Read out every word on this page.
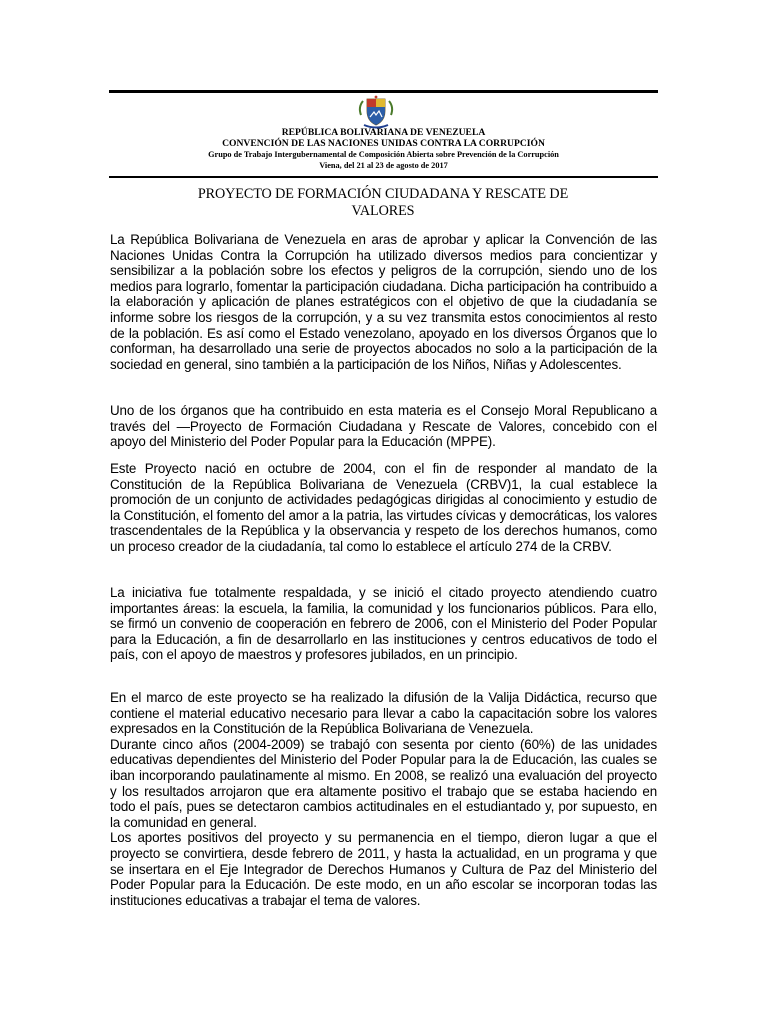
REPÚBLICA BOLIVARIANA DE VENEZUELA
CONVENCIÓN DE LAS NACIONES UNIDAS CONTRA LA CORRUPCIÓN
Grupo de Trabajo Intergubernamental de Composición Abierta sobre Prevención de la Corrupción
Viena, del 21 al 23 de agosto de 2017
PROYECTO DE FORMACIÓN CIUDADANA Y RESCATE DE
VALORES

La República Bolivariana de Venezuela en aras de aprobar y aplicar la Convención de las Naciones Unidas Contra la Corrupción ha utilizado diversos medios para concientizar y sensibilizar a la población sobre los efectos y peligros de la corrupción, siendo uno de los medios para lograrlo, fomentar la participación ciudadana. Dicha participación ha contribuido a la elaboración y aplicación de planes estratégicos con el objetivo de que la ciudadanía se informe sobre los riesgos de la corrupción, y a su vez transmita estos conocimientos al resto de la población. Es así como el Estado venezolano, apoyado en los diversos Órganos que lo conforman, ha desarrollado una serie de proyectos abocados no solo a la participación de la sociedad en general, sino también a la participación de los Niños, Niñas y Adolescentes.

Uno de los órganos que ha contribuido en esta materia es el Consejo Moral Republicano a través del ―Proyecto de Formación Ciudadana y Rescate de Valores, concebido con el apoyo del Ministerio del Poder Popular para la Educación (MPPE).

Este Proyecto nació en octubre de 2004, con el fin de responder al mandato de la Constitución de la República Bolivariana de Venezuela (CRBV)1, la cual establece la promoción de un conjunto de actividades pedagógicas dirigidas al conocimiento y estudio de la Constitución, el fomento del amor a la patria, las virtudes cívicas y democráticas, los valores trascendentales de la República y la observancia y respeto de los derechos humanos, como un proceso creador de la ciudadanía, tal como lo establece el artículo 274 de la CRBV.

La iniciativa fue totalmente respaldada, y se inició el citado proyecto atendiendo cuatro importantes áreas: la escuela, la familia, la comunidad y los funcionarios públicos. Para ello, se firmó un convenio de cooperación en febrero de 2006, con el Ministerio del Poder Popular para la Educación, a fin de desarrollarlo en las instituciones y centros educativos de todo el país, con el apoyo de maestros y profesores jubilados, en un principio.

En el marco de este proyecto se ha realizado la difusión de la Valija Didáctica, recurso que contiene el material educativo necesario para llevar a cabo la capacitación sobre los valores expresados en la Constitución de la República Bolivariana de Venezuela.

Durante cinco años (2004-2009) se trabajó con sesenta por ciento (60%) de las unidades educativas dependientes del Ministerio del Poder Popular para la de Educación, las cuales se iban incorporando paulatinamente al mismo. En 2008, se realizó una evaluación del proyecto y los resultados arrojaron que era altamente positivo el trabajo que se estaba haciendo en todo el país, pues se detectaron cambios actitudinales en el estudiantado y, por supuesto, en la comunidad en general.

Los aportes positivos del proyecto y su permanencia en el tiempo, dieron lugar a que el proyecto se convirtiera, desde febrero de 2011, y hasta la actualidad, en un programa y que se insertara en el Eje Integrador de Derechos Humanos y Cultura de Paz del Ministerio del Poder Popular para la Educación. De este modo, en un año escolar se incorporan todas las instituciones educativas a trabajar el tema de valores.
